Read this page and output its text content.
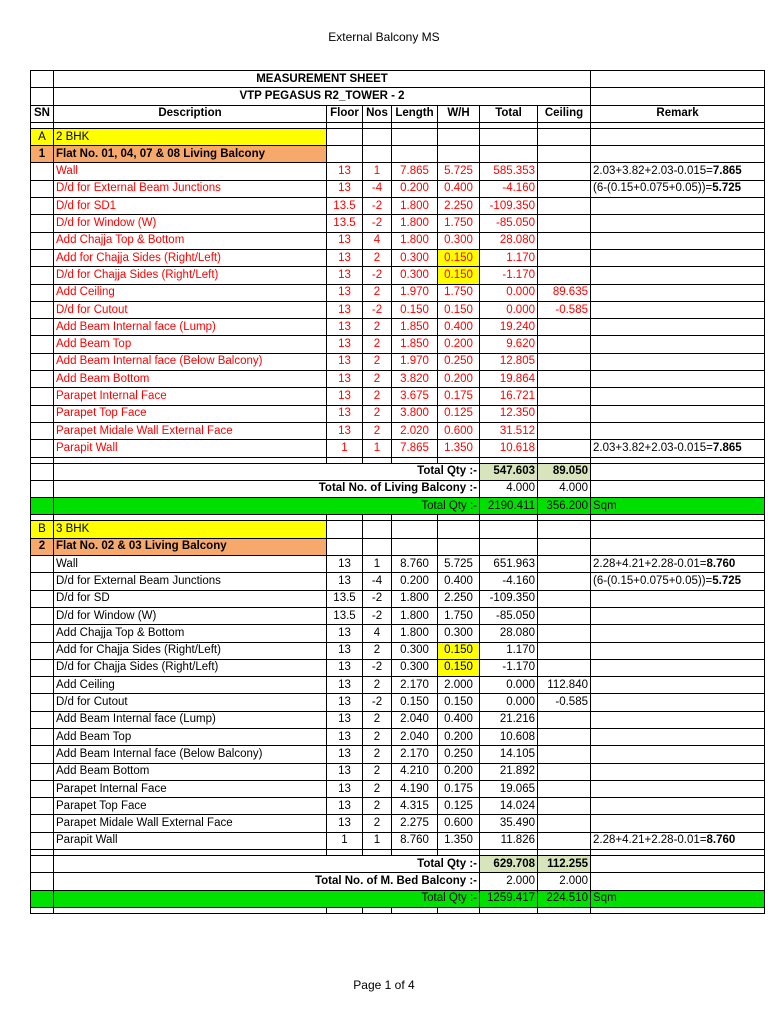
External Balcony MS
	MEASUREMENT SHEET							
	VTP PEGASUS R2_TOWER - 2							
SN	Description	Floor	Nos	Length	W/H	Total	Ceiling	Remark

A	2 BHK							
1	Flat No. 01, 04, 07 & 08 Living Balcony							
	Wall	13	1	7.865	5.725	585.353		2.03+3.82+2.03-0.015=7.865
	D/d for External Beam Junctions	13	-4	0.200	0.400	-4.160		(6-(0.15+0.075+0.05))=5.725
	D/d for SD1	13.5	-2	1.800	2.250	-109.350		
	D/d for Window (W)	13.5	-2	1.800	1.750	-85.050		
	Add Chajja Top & Bottom	13	4	1.800	0.300	28.080		
	Add for Chajja Sides (Right/Left)	13	2	0.300	0.150	1.170		
	D/d for Chajja Sides (Right/Left)	13	-2	0.300	0.150	-1.170		
	Add Ceiling	13	2	1.970	1.750	0.000	89.635	
	D/d for Cutout	13	-2	0.150	0.150	0.000	-0.585	
	Add Beam Internal face (Lump)	13	2	1.850	0.400	19.240		
	Add Beam Top	13	2	1.850	0.200	9.620		
	Add Beam Internal face (Below Balcony)	13	2	1.970	0.250	12.805		
	Add Beam Bottom	13	2	3.820	0.200	19.864		
	Parapet Internal Face	13	2	3.675	0.175	16.721		
	Parapet Top Face	13	2	3.800	0.125	12.350		
	Parapet Midale Wall External Face	13	2	2.020	0.600	31.512		
	Parapit Wall	1	1	7.865	1.350	10.618		2.03+3.82+2.03-0.015=7.865

	Total Qty :-					547.603	89.050	
	Total No. of Living Balcony :-					4.000	4.000	
	Total Qty :-					2190.411	356.200	Sqm

B	3 BHK							
2	Flat No. 02 & 03 Living Balcony							
	Wall	13	1	8.760	5.725	651.963		2.28+4.21+2.28-0.01=8.760
	D/d for External Beam Junctions	13	-4	0.200	0.400	-4.160		(6-(0.15+0.075+0.05))=5.725
	D/d for SD	13.5	-2	1.800	2.250	-109.350		
	D/d for Window (W)	13.5	-2	1.800	1.750	-85.050		
	Add Chajja Top & Bottom	13	4	1.800	0.300	28.080		
	Add for Chajja Sides (Right/Left)	13	2	0.300	0.150	1.170		
	D/d for Chajja Sides (Right/Left)	13	-2	0.300	0.150	-1.170		
	Add Ceiling	13	2	2.170	2.000	0.000	112.840	
	D/d for Cutout	13	-2	0.150	0.150	0.000	-0.585	
	Add Beam Internal face (Lump)	13	2	2.040	0.400	21.216		
	Add Beam Top	13	2	2.040	0.200	10.608		
	Add Beam Internal face (Below Balcony)	13	2	2.170	0.250	14.105		
	Add Beam Bottom	13	2	4.210	0.200	21.892		
	Parapet Internal Face	13	2	4.190	0.175	19.065		
	Parapet Top Face	13	2	4.315	0.125	14.024		
	Parapet Midale Wall External Face	13	2	2.275	0.600	35.490		
	Parapit Wall	1	1	8.760	1.350	11.826		2.28+4.21+2.28-0.01=8.760

	Total Qty :-					629.708	112.255	
	Total No. of M. Bed Balcony :-					2.000	2.000	
	Total Qty :-					1259.417	224.510	Sqm

Page 1 of 4
